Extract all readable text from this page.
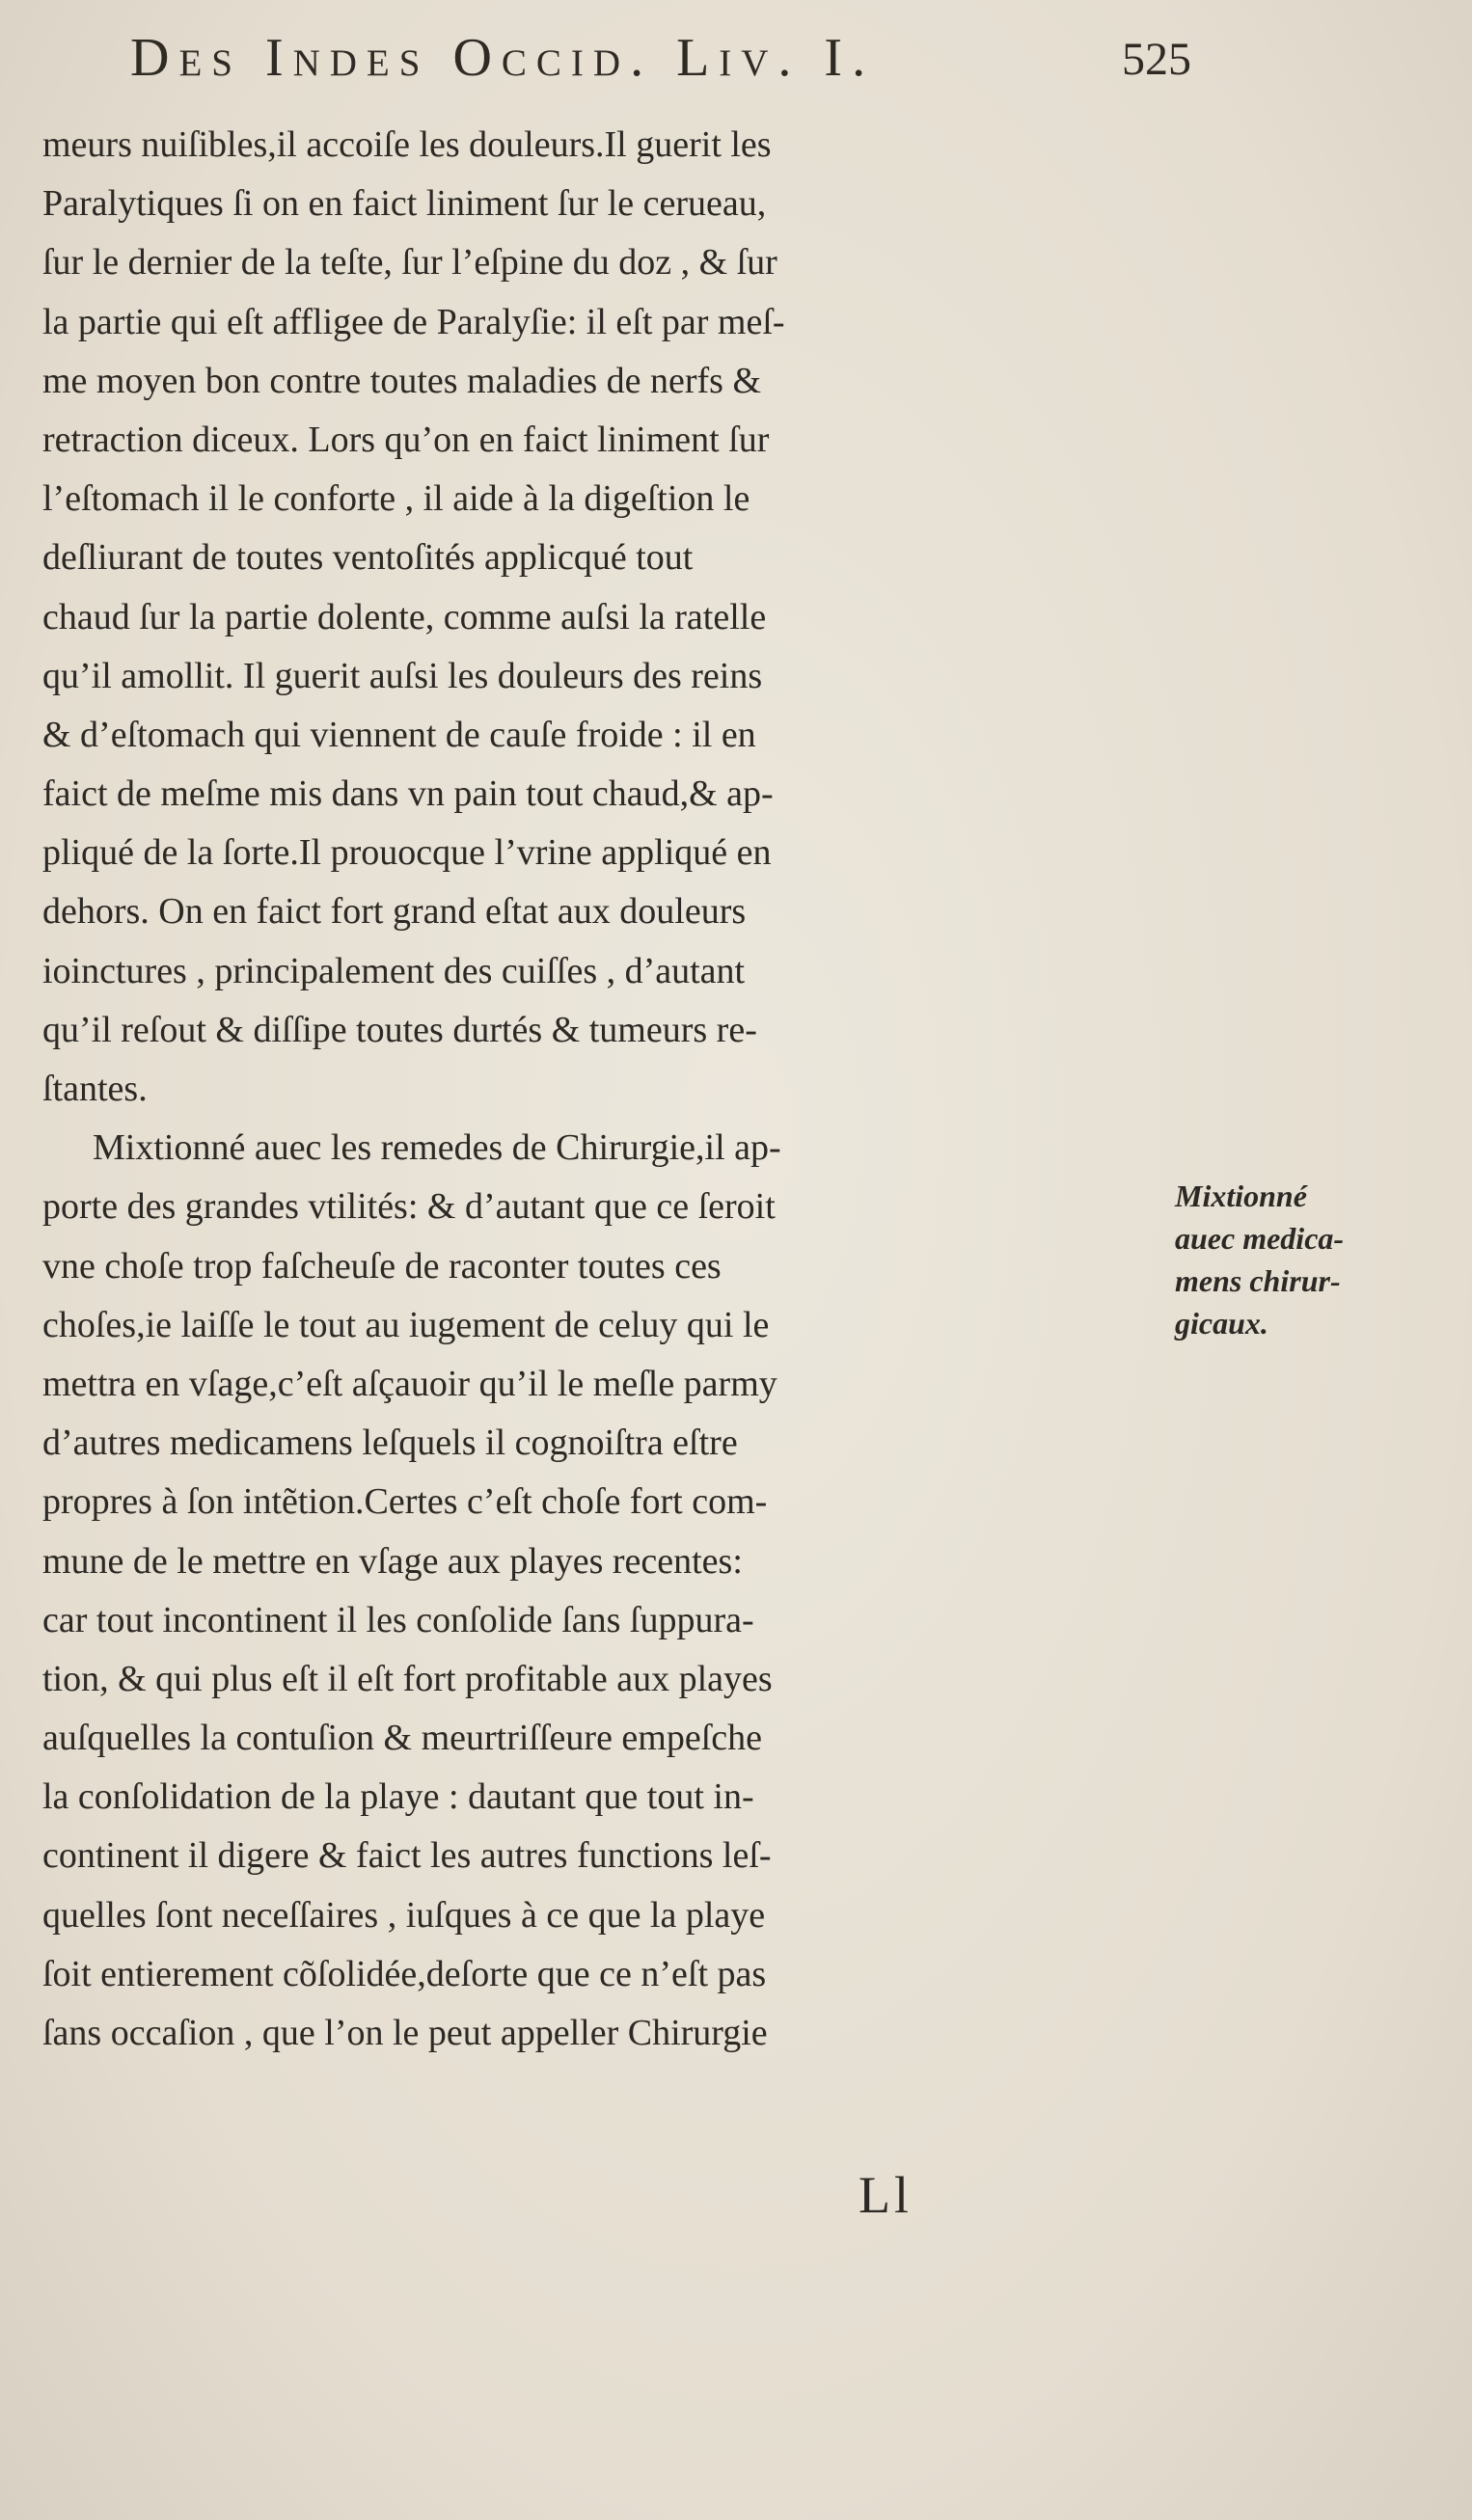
Des Indes Occid. Liv. I.	525
meurs nuiſibles,il accoiſe les douleurs.Il guerit les
Paralytiques ſi on en faict liniment ſur le cerueau,
ſur le dernier de la teſte, ſur l’eſpine du doz , & ſur
la partie qui eſt affligee de Paralyſie: il eſt par meſ-
me moyen bon contre toutes maladies de nerfs &
retraction diceux. Lors qu’on en faict liniment ſur
l’eſtomach il le conforte , il aide à la digeſtion le
deſliurant de toutes ventoſités applicqué tout
chaud ſur la partie dolente, comme auſsi la ratelle
qu’il amollit. Il guerit auſsi les douleurs des reins
& d’eſtomach qui viennent de cauſe froide : il en
faict de meſme mis dans vn pain tout chaud,& ap-
pliqué de la ſorte.Il prouocque l’vrine appliqué en
dehors. On en faict fort grand eſtat aux douleurs
ioinctures , principalement des cuiſſes , d’autant
qu’il reſout & diſſipe toutes durtés & tumeurs re-
ſtantes.
Mixtionné auec les remedes de Chirurgie,il ap-
porte des grandes vtilités: & d’autant que ce ſeroit
vne choſe trop faſcheuſe de raconter toutes ces
choſes,ie laiſſe le tout au iugement de celuy qui le
mettra en vſage,c’eſt aſçauoir qu’il le meſle parmy
d’autres medicamens leſquels il cognoiſtra eſtre
propres à ſon intẽtion.Certes c’eſt choſe fort com-
mune de le mettre en vſage aux playes recentes:
car tout incontinent il les conſolide ſans ſuppura-
tion, & qui plus eſt il eſt fort profitable aux playes
auſquelles la contuſion & meurtriſſeure empeſche
la conſolidation de la playe : dautant que tout in-
continent il digere & faict les autres functions leſ-
quelles ſont neceſſaires , iuſques à ce que la playe
ſoit entierement cõſolidée,deſorte que ce n’eſt pas
ſans occaſion , que l’on le peut appeller Chirurgie
Mixtionné
auec medica-
mens chirur-
gicaux.
Ll
